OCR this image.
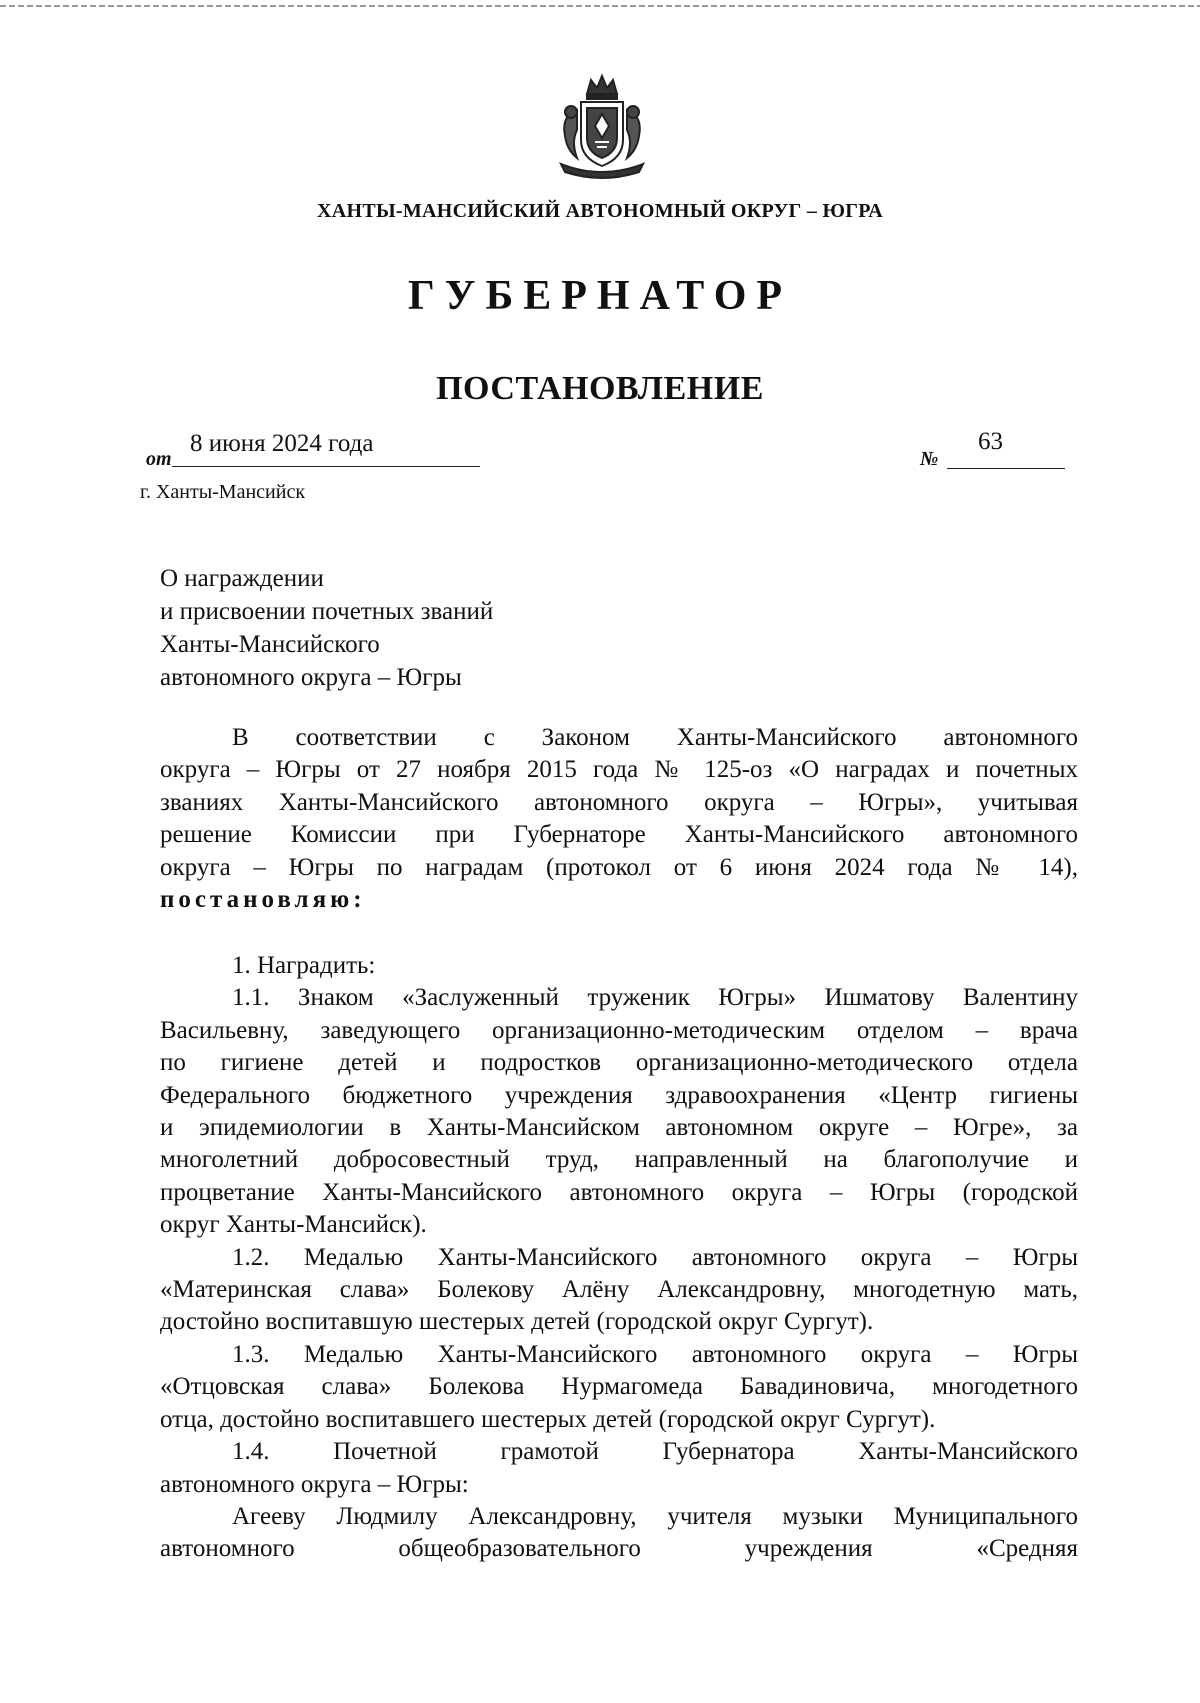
ХАНТЫ-МАНСИЙСКИЙ АВТОНОМНЫЙ ОКРУГ – ЮГРА
ГУБЕРНАТОР
ПОСТАНОВЛЕНИЕ
от
8 июня 2024 года
№
63
г. Ханты-Мансийск
О награждении
и присвоении почетных званий
Ханты-Мансийского
автономного округа – Югры
В соответствии с Законом Ханты-Мансийского автономного
округа – Югры от 27 ноября 2015 года № 125-оз «О наградах и почетных
званиях Ханты-Мансийского автономного округа – Югры», учитывая
решение Комиссии при Губернаторе Ханты-Мансийского автономного
округа – Югры по наградам (протокол от 6 июня 2024 года № 14),
постановляю:
1. Наградить:
1.1. Знаком «Заслуженный труженик Югры» Ишматову Валентину
Васильевну, заведующего организационно-методическим отделом – врача
по гигиене детей и подростков организационно-методического отдела
Федерального бюджетного учреждения здравоохранения «Центр гигиены
и эпидемиологии в Ханты-Мансийском автономном округе – Югре», за
многолетний добросовестный труд, направленный на благополучие и
процветание Ханты-Мансийского автономного округа – Югры (городской
округ Ханты-Мансийск).
1.2. Медалью Ханты-Мансийского автономного округа – Югры
«Материнская слава» Болекову Алёну Александровну, многодетную мать,
достойно воспитавшую шестерых детей (городской округ Сургут).
1.3. Медалью Ханты-Мансийского автономного округа – Югры
«Отцовская слава» Болекова Нурмагомеда Бавадиновича, многодетного
отца, достойно воспитавшего шестерых детей (городской округ Сургут).
1.4. Почетной грамотой Губернатора Ханты-Мансийского
автономного округа – Югры:
Агееву Людмилу Александровну, учителя музыки Муниципального
автономного общеобразовательного учреждения «Средняя
